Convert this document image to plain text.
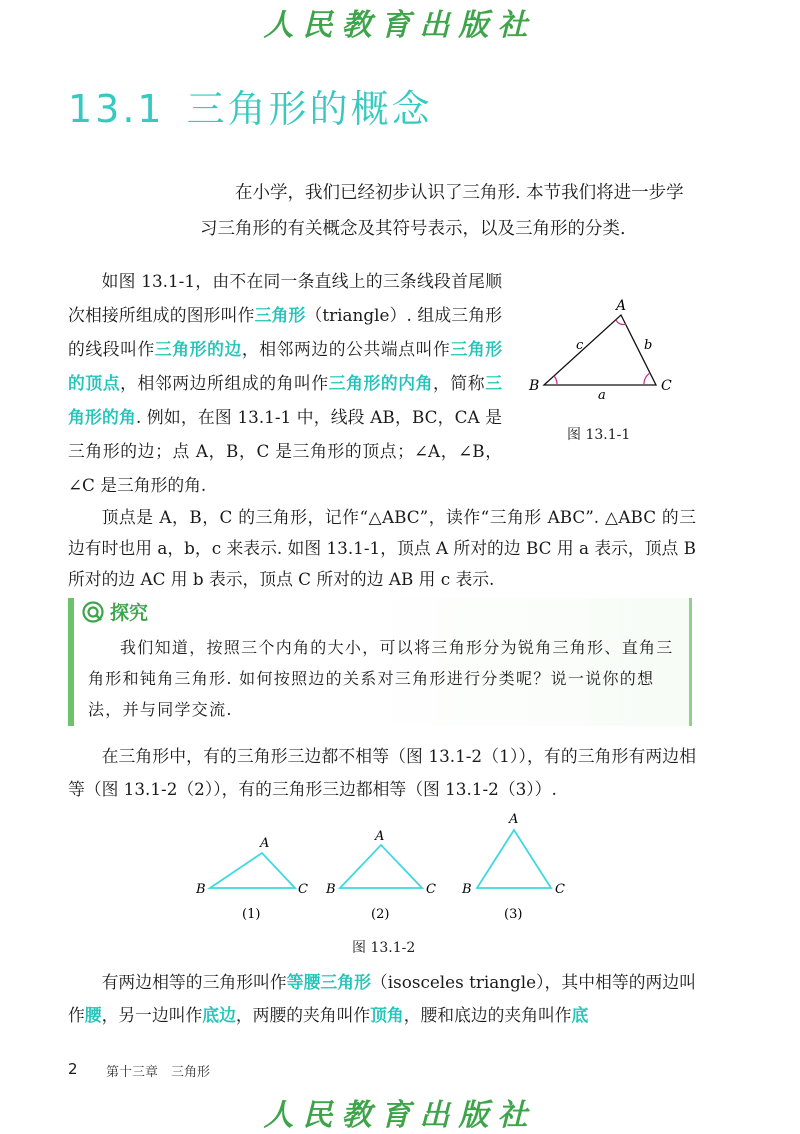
人民教育出版社
13.1 三角形的概念

在小学，我们已经初步认识了三角形. 本节我们将进一步学习三角形的有关概念及其符号表示，以及三角形的分类.

如图 13.1-1，由不在同一条直线上的三条线段首尾顺次相接所组成的图形叫作三角形（triangle）. 组成三角形的线段叫作三角形的边，相邻两边的公共端点叫作三角形的顶点，相邻两边所组成的角叫作三角形的内角，简称三角形的角. 例如，在图 13.1-1 中，线段 AB，BC，CA 是三角形的边；点 A，B，C 是三角形的顶点；∠A，∠B，∠C 是三角形的角.

A
B	C
c	b
a
图 13.1-1

顶点是 A，B，C 的三角形，记作“△ABC”，读作“三角形 ABC”. △ABC 的三边有时也用 a，b，c 来表示. 如图 13.1-1，顶点 A 所对的边 BC 用 a 表示，顶点 B 所对的边 AC 用 b 表示，顶点 C 所对的边 AB 用 c 表示.

探究

我们知道，按照三个内角的大小，可以将三角形分为锐角三角形、直角三角形和钝角三角形. 如何按照边的关系对三角形进行分类呢？说一说你的想法，并与同学交流.

在三角形中，有的三角形三边都不相等（图 13.1-2（1）），有的三角形有两边相等（图 13.1-2（2）），有的三角形三边都相等（图 13.1-2（3））.

A
B	C
(1)
A
B	C
(2)
A
B	C
(3)
图 13.1-2

有两边相等的三角形叫作等腰三角形（isosceles triangle），其中相等的两边叫作腰，另一边叫作底边，两腰的夹角叫作顶角，腰和底边的夹角叫作底

2 第十三章　三角形
人民教育出版社
